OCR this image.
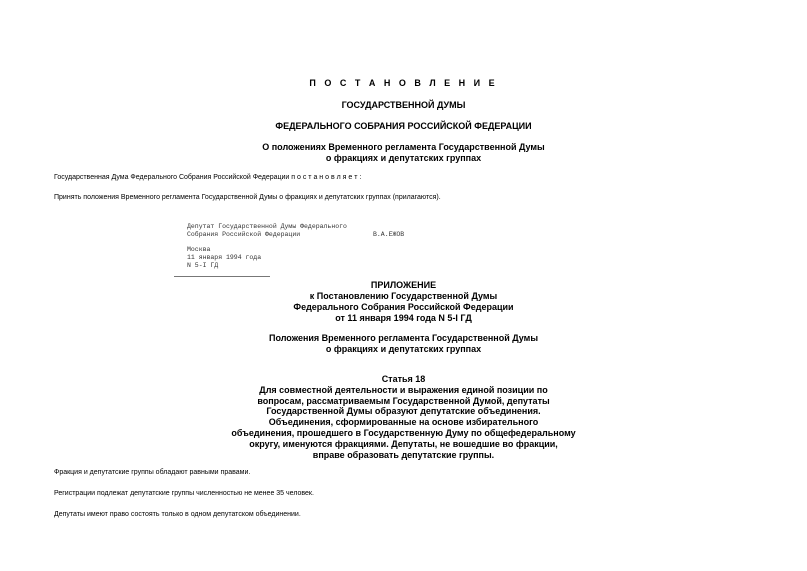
П О С Т А Н О В Л Е Н И Е
ГОСУДАРСТВЕННОЙ ДУМЫ
ФЕДЕРАЛЬНОГО СОБРАНИЯ РОССИЙСКОЙ ФЕДЕРАЦИИ
О положениях Временного регламента Государственной Думы
о фракциях и депутатских группах
Государственная Дума Федерального Собрания Российской Федерации п о с т а н о в л я е т :
Принять положения Временного регламента Государственной Думы о фракциях и депутатских группах (прилагаются).
Депутат Государственной Думы Федерального
Собрания Российской Федерации	В.А.ЕЖОВ
Москва
11 января 1994 года
N 5-I ГД
ПРИЛОЖЕНИЕ
к Постановлению Государственной Думы
Федерального Собрания Российской Федерации
от 11 января 1994 года N 5-I ГД
Положения Временного регламента Государственной Думы
о фракциях и депутатских группах
Статья 18
Для совместной деятельности и выражения единой позиции по
вопросам, рассматриваемым Государственной Думой, депутаты
Государственной Думы образуют депутатские объединения.
Объединения, сформированные на основе избирательного
объединения, прошедшего в Государственную Думу по общефедеральному
округу, именуются фракциями. Депутаты, не вошедшие во фракции,
вправе образовать депутатские группы.
Фракция и депутатские группы обладают равными правами.
Регистрации подлежат депутатские группы численностью не менее 35 человек.
Депутаты имеют право состоять только в одном депутатском объединении.
